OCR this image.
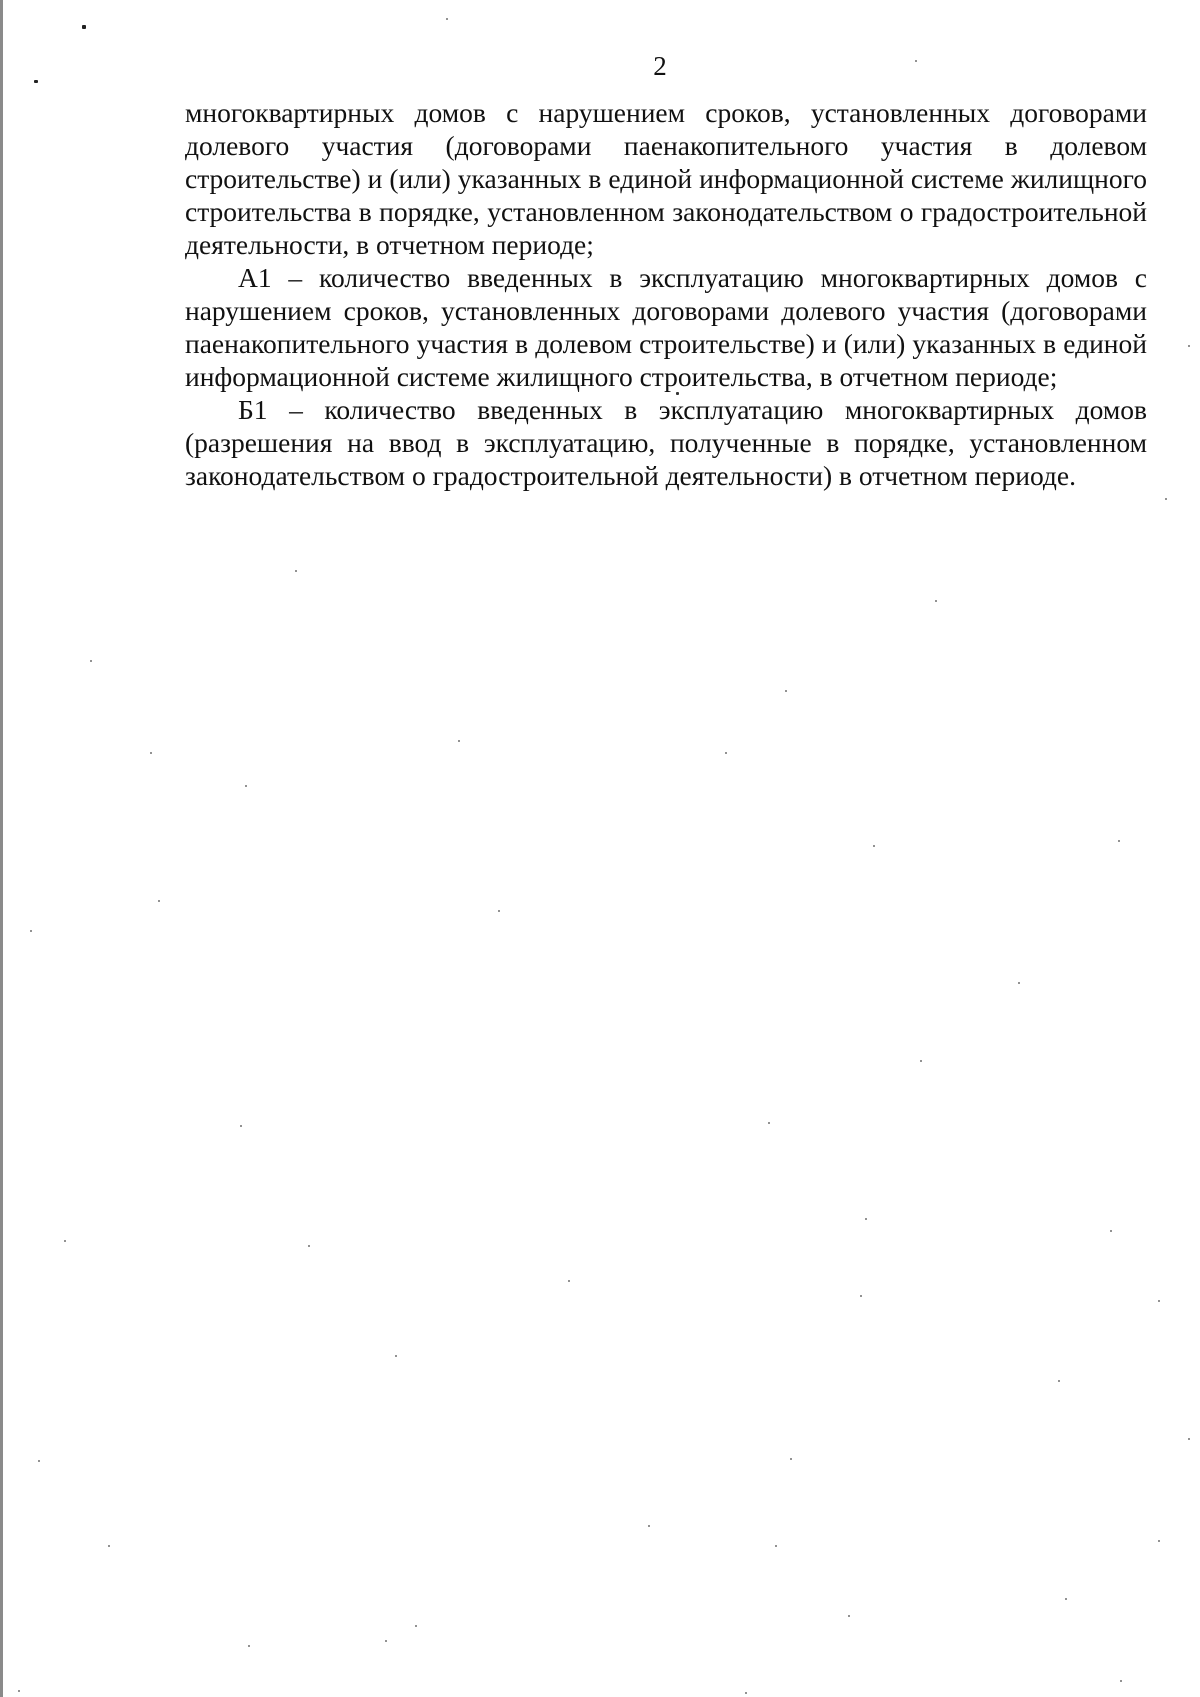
2

многоквартирных домов с нарушением сроков, установленных договорами долевого участия (договорами паенакопительного участия в долевом строительстве) и (или) указанных в единой информационной системе жилищного строительства в порядке, установленном законодательством о градостроительной деятельности, в отчетном периоде;

А1 – количество введенных в эксплуатацию многоквартирных домов с нарушением сроков, установленных договорами долевого участия (договорами паенакопительного участия в долевом строительстве) и (или) указанных в единой информационной системе жилищного строительства, в отчетном периоде;

Б1 – количество введенных в эксплуатацию многоквартирных домов (разрешения на ввод в эксплуатацию, полученные в порядке, установленном законодательством о градостроительной деятельности) в отчетном периоде.
